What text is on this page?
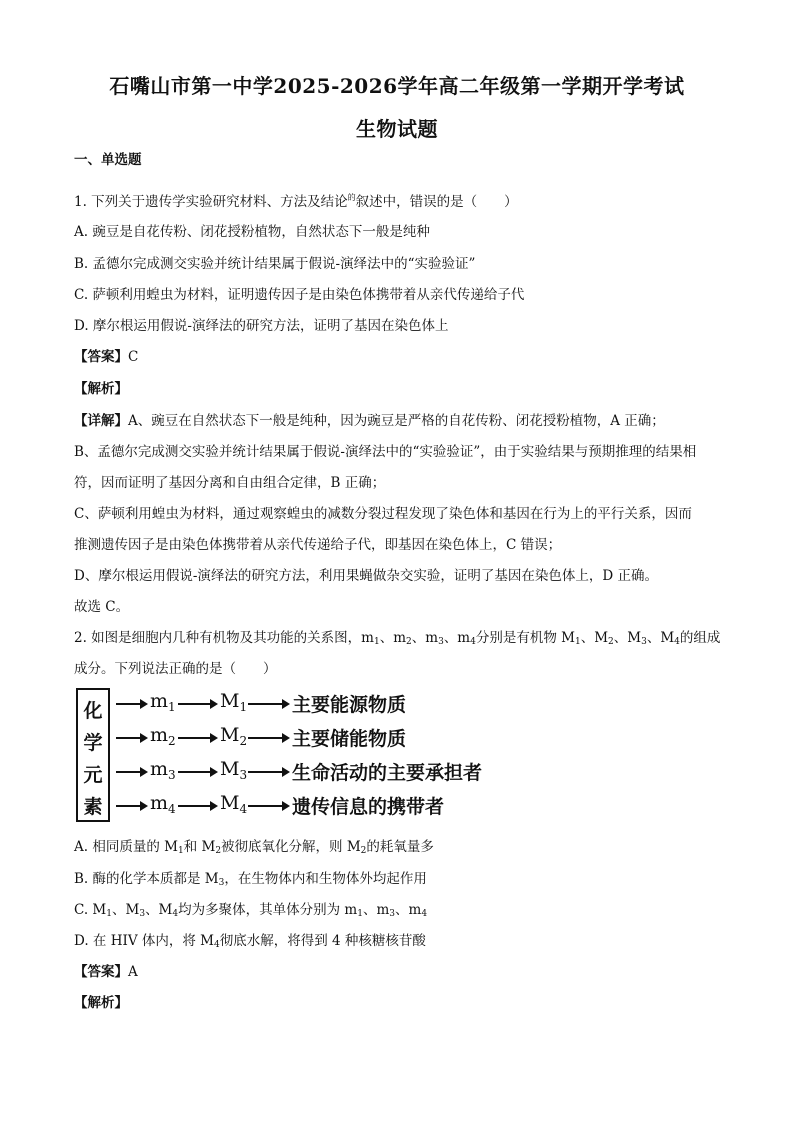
石嘴山市第一中学2025-2026学年高二年级第一学期开学考试
生物试题
一、单选题
1. 下列关于遗传学实验研究材料、方法及结论$^的$叙述中，错误的是（　　）
A. 豌豆是自花传粉、闭花授粉植物，自然状态下一般是纯种
B. 孟德尔完成测交实验并统计结果属于假说-演绎法中的“实验验证”
C. 萨顿利用蝗虫为材料，证明遗传因子是由染色体携带着从亲代传递给子代
D. 摩尔根运用假说-演绎法的研究方法，证明了基因在染色体上
【答案】C
【解析】
【详解】A、豌豆在自然状态下一般是纯种，因为豌豆是严格的自花传粉、闭花授粉植物，A 正确；
B、孟德尔完成测交实验并统计结果属于假说-演绎法中的“实验验证”，由于实验结果与预期推理的结果相
符，因而证明了基因分离和自由组合定律，B 正确；
C、萨顿利用蝗虫为材料，通过观察蝗虫的减数分裂过程发现了染色体和基因在行为上的平行关系，因而
推测遗传因子是由染色体携带着从亲代传递给子代，即基因在染色体上，C 错误；
D、摩尔根运用假说-演绎法的研究方法，利用果蝇做杂交实验，证明了基因在染色体上，D 正确。
故选 C。
2. 如图是细胞内几种有机物及其功能的关系图，$m_1$、$m_2$、$m_3$、$m_4$分别是有机物 $M_1$、$M_2$、$M_3$、$M_4$的组成
成分。下列说法正确的是（　　）
化
学
元
素
$m_1$ $M_1$ 主要能源物质
$m_2$ $M_2$ 主要储能物质
$m_3$ $M_3$ 生命活动的主要承担者
$m_4$ $M_4$ 遗传信息的携带者
A. 相同质量的 $M_1$和 $M_2$被彻底氧化分解，则 $M_2$的耗氧量多
B. 酶的化学本质都是 $M_3$，在生物体内和生物体外均起作用
C. $M_1$、$M_3$、$M_4$均为多聚体，其单体分别为 $m_1$、$m_3$、$m_4$
D. 在 HIV 体内，将 $M_4$彻底水解，将得到 4 种核糖核苷酸
【答案】A
【解析】
